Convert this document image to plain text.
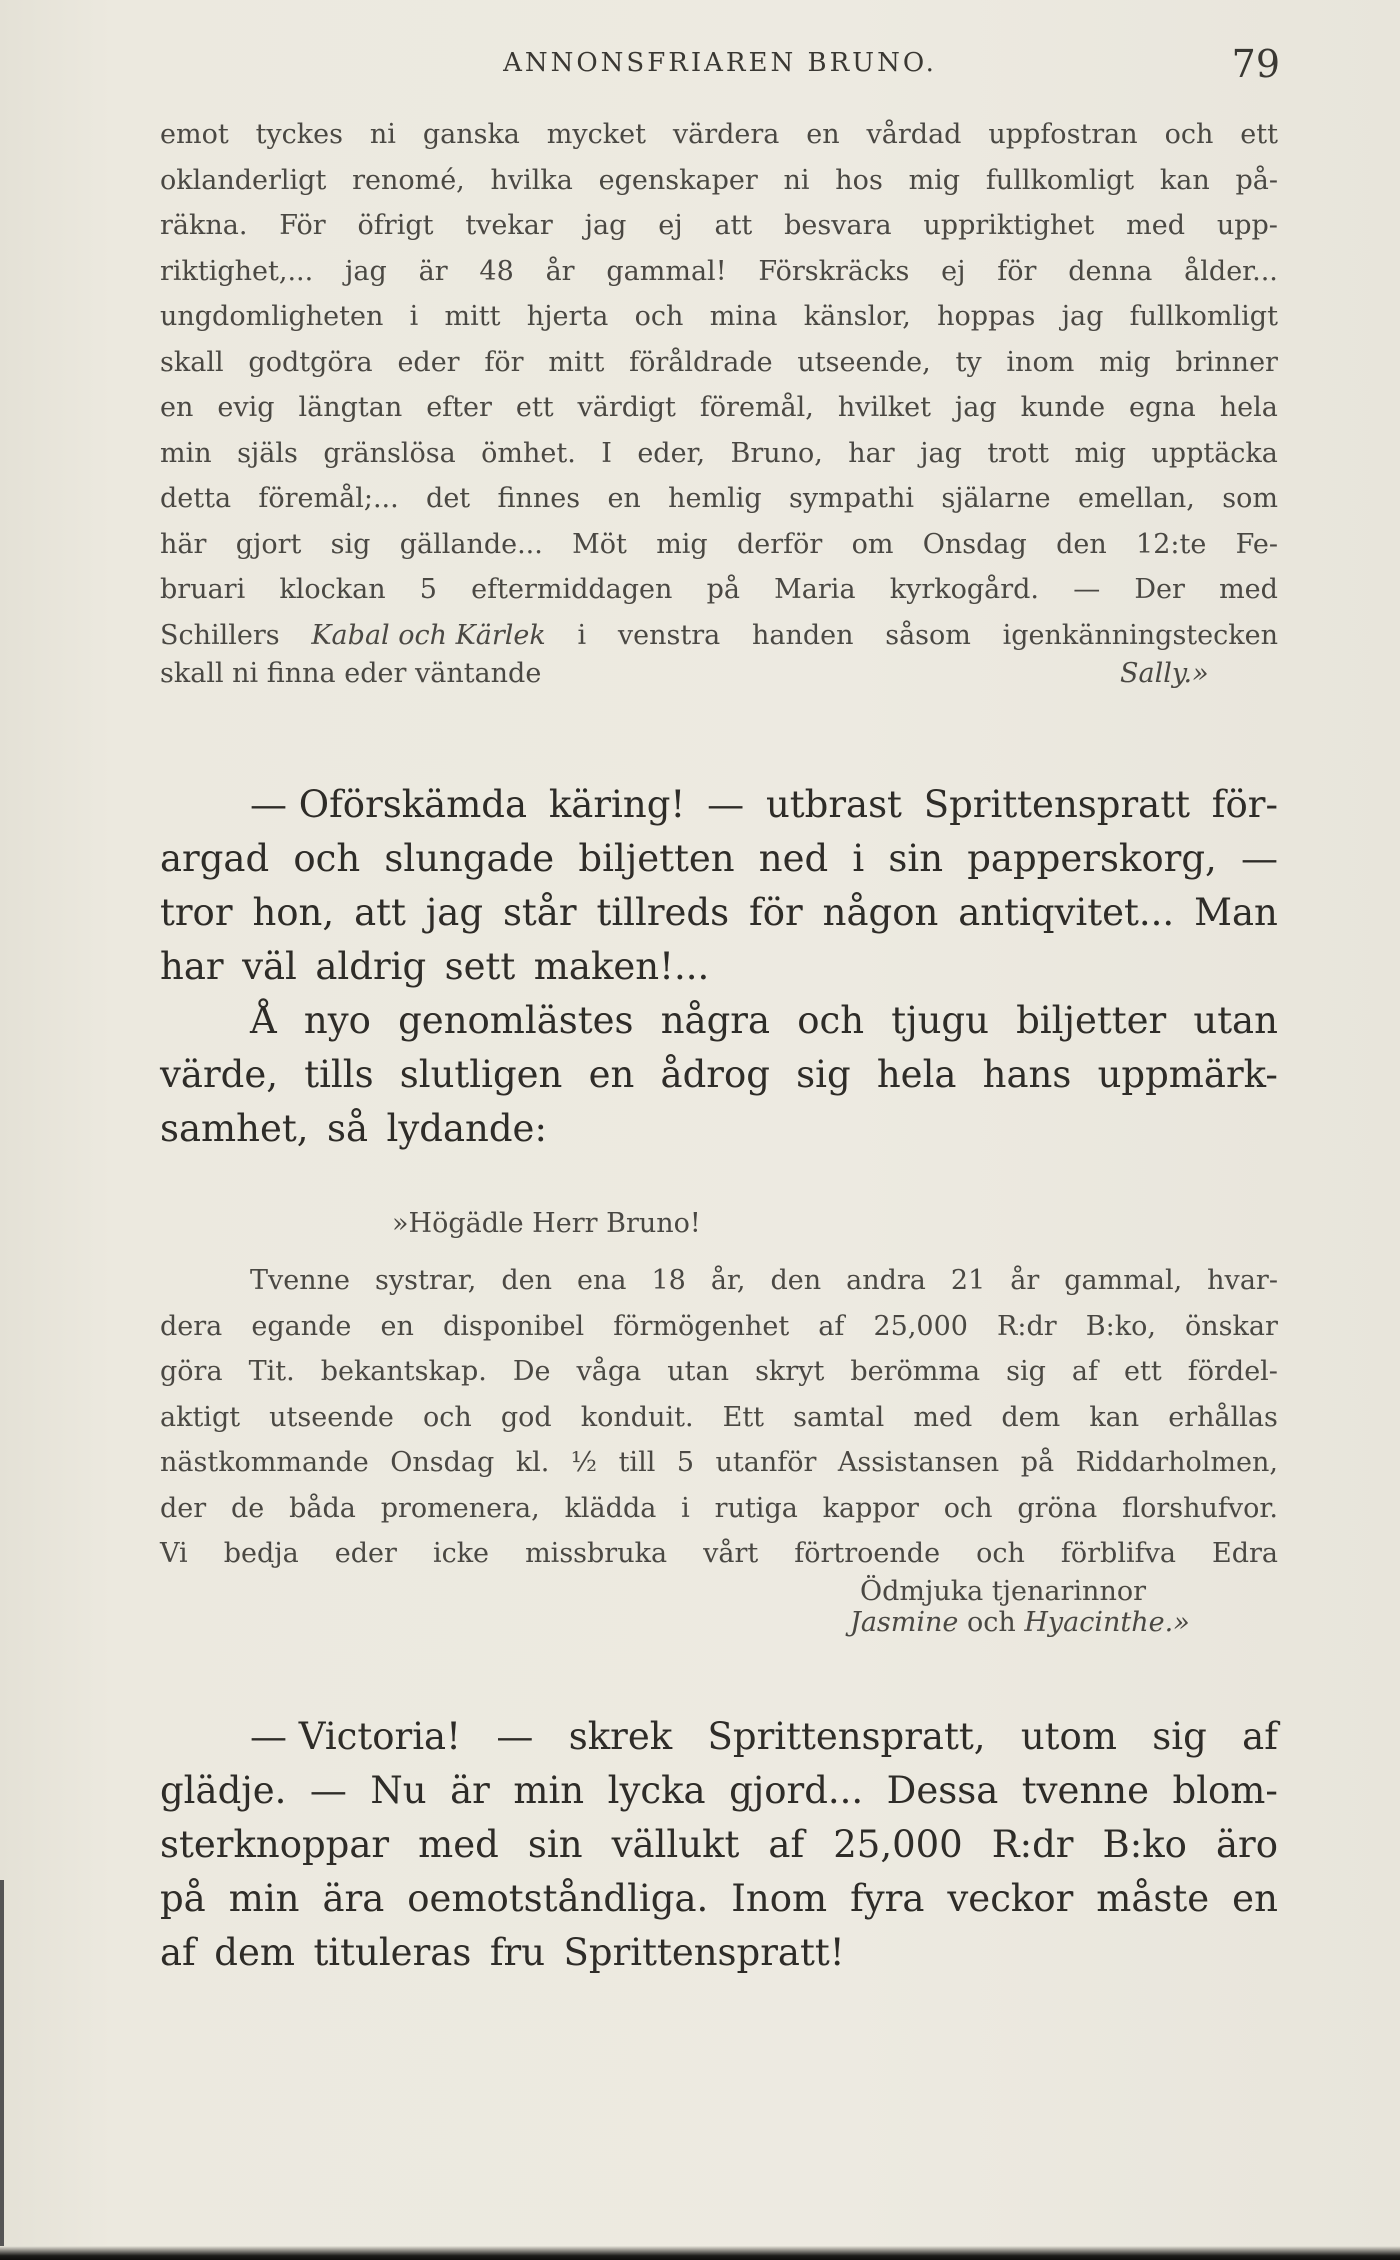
ANNONSFRIAREN BRUNO.	79
emot tyckes ni ganska mycket värdera en vårdad uppfostran och ett
oklanderligt renomé, hvilka egenskaper ni hos mig fullkomligt kan på-
räkna. För öfrigt tvekar jag ej att besvara uppriktighet med upp-
riktighet,... jag är 48 år gammal! Förskräcks ej för denna ålder...
ungdomligheten i mitt hjerta och mina känslor, hoppas jag fullkomligt
skall godtgöra eder för mitt föråldrade utseende, ty inom mig brinner
en evig längtan efter ett värdigt föremål, hvilket jag kunde egna hela
min själs gränslösa ömhet. I eder, Bruno, har jag trott mig upptäcka
detta föremål;... det finnes en hemlig sympathi själarne emellan, som
här gjort sig gällande... Möt mig derför om Onsdag den 12:te Fe-
bruari klockan 5 eftermiddagen på Maria kyrkogård. — Der med
Schillers Kabal och Kärlek i venstra handen såsom igenkänningstecken
skall ni finna eder väntande	Sally.»
— Oförskämda käring! — utbrast Sprittenspratt för-
argad och slungade biljetten ned i sin papperskorg, —
tror hon, att jag står tillreds för någon antiqvitet... Man
har väl aldrig sett maken!...
Å nyo genomlästes några och tjugu biljetter utan
värde, tills slutligen en ådrog sig hela hans uppmärk-
samhet, så lydande:
»Högädle Herr Bruno!
Tvenne systrar, den ena 18 år, den andra 21 år gammal, hvar-
dera egande en disponibel förmögenhet af 25,000 R:dr B:ko, önskar
göra Tit. bekantskap. De våga utan skryt berömma sig af ett fördel-
aktigt utseende och god konduit. Ett samtal med dem kan erhållas
nästkommande Onsdag kl. ½ till 5 utanför Assistansen på Riddarholmen,
der de båda promenera, klädda i rutiga kappor och gröna florshufvor.
Vi bedja eder icke missbruka vårt förtroende och förblifva Edra
Ödmjuka tjenarinnor
Jasmine och Hyacinthe.»
— Victoria! — skrek Sprittenspratt, utom sig af
glädje. — Nu är min lycka gjord... Dessa tvenne blom-
sterknoppar med sin vällukt af 25,000 R:dr B:ko äro
på min ära oemotståndliga. Inom fyra veckor måste en
af dem tituleras fru Sprittenspratt!
